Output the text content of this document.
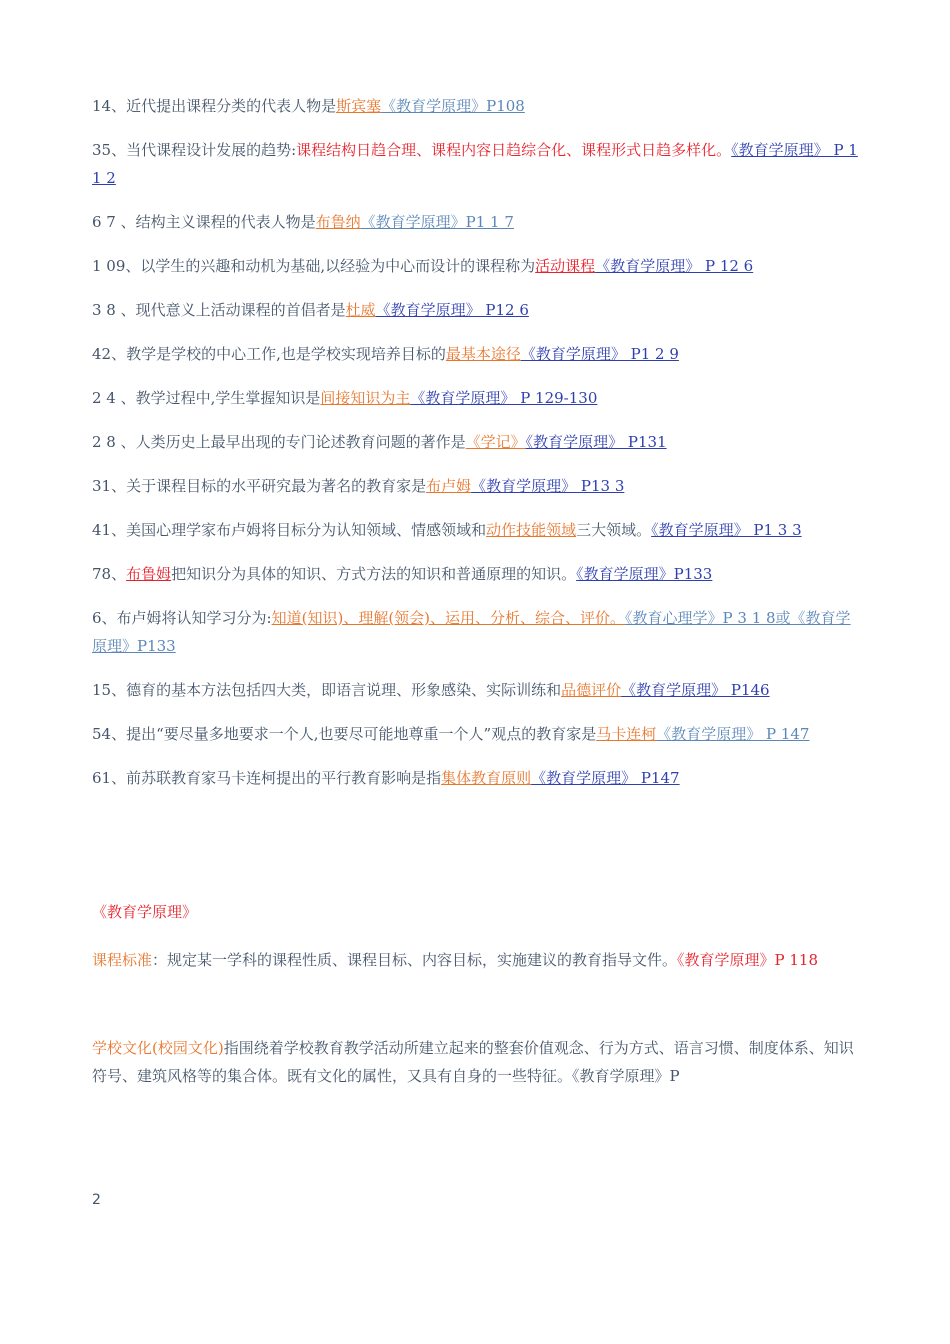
14、近代提出课程分类的代表人物是斯宾塞《教育学原理》P108

35、当代课程设计发展的趋势:课程结构日趋合理、课程内容日趋综合化、课程形式日趋多样化。《教育学原理》 P 11 2

6 7 、结构主义课程的代表人物是布鲁纳《教育学原理》P1 1 7

1 09、以学生的兴趣和动机为基础,以经验为中心而设计的课程称为活动课程《教育学原理》 P 12 6

3 8 、现代意义上活动课程的首倡者是杜威《教育学原理》 P12 6

42、教学是学校的中心工作,也是学校实现培养目标的最基本途径《教育学原理》 P1 2 9

2 4 、教学过程中,学生掌握知识是间接知识为主《教育学原理》 P 129-130

2 8 、人类历史上最早出现的专门论述教育问题的著作是《学记》《教育学原理》 P131

31、关于课程目标的水平研究最为著名的教育家是布卢姆《教育学原理》 P13 3

41、美国心理学家布卢姆将目标分为认知领域、情感领域和动作技能领域三大领域。《教育学原理》 P1 3 3

78、布鲁姆把知识分为具体的知识、方式方法的知识和普通原理的知识。《教育学原理》P133

6、布卢姆将认知学习分为:知道(知识)、理解(领会)、运用、分析、综合、评价。《教育心理学》P 3 1 8或《教育学原理》P133

15、德育的基本方法包括四大类，即语言说理、形象感染、实际训练和品德评价《教育学原理》 P146

54、提出“要尽量多地要求一个人,也要尽可能地尊重一个人”观点的教育家是马卡连柯《教育学原理》 P 147

61、前苏联教育家马卡连柯提出的平行教育影响是指集体教育原则《教育学原理》 P147

《教育学原理》

课程标准：规定某一学科的课程性质、课程目标、内容目标，实施建议的教育指导文件。《教育学原理》P 118

学校文化(校园文化)指围绕着学校教育教学活动所建立起来的整套价值观念、行为方式、语言习惯、制度体系、知识符号、建筑风格等的集合体。既有文化的属性，又具有自身的一些特征。《教育学原理》P

2
